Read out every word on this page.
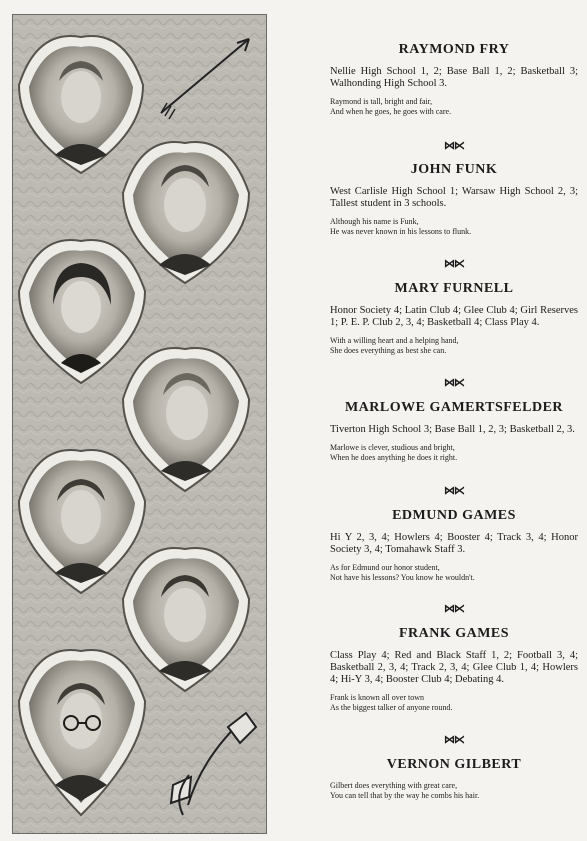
RAYMOND FRY

Nellie High School 1, 2; Base Ball 1, 2; Basketball 3; Walhonding High School 3.

Raymond is tall, bright and fair,
And when he goes, he goes with care.
⋈⋉
JOHN FUNK

West Carlisle High School 1; Warsaw High School 2, 3; Tallest student in 3 schools.

Although his name is Funk,
He was never known in his lessons to flunk.
⋈⋉
MARY FURNELL

Honor Society 4; Latin Club 4; Glee Club 4; Girl Reserves 1; P. E. P. Club 2, 3, 4; Basketball 4; Class Play 4.

With a willing heart and a helping hand,
She does everything as best she can.
⋈⋉
MARLOWE GAMERTSFELDER

Tiverton High School 3; Base Ball 1, 2, 3; Basketball 2, 3.

Marlowe is clever, studious and bright,
When he does anything he does it right.
⋈⋉
EDMUND GAMES

Hi Y 2, 3, 4; Howlers 4; Booster 4; Track 3, 4; Honor Society 3, 4; Tomahawk Staff 3.

As for Edmund our honor student,
Not have his lessons? You know he wouldn't.
⋈⋉
FRANK GAMES

Class Play 4; Red and Black Staff 1, 2; Football 3, 4; Basketball 2, 3, 4; Track 2, 3, 4; Glee Club 1, 4; Howlers 4; Hi-Y 3, 4; Booster Club 4; Debating 4.

Frank is known all over town
As the biggest talker of anyone round.
⋈⋉
VERNON GILBERT
Gilbert does everything with great care,
You can tell that by the way he combs his hair.
